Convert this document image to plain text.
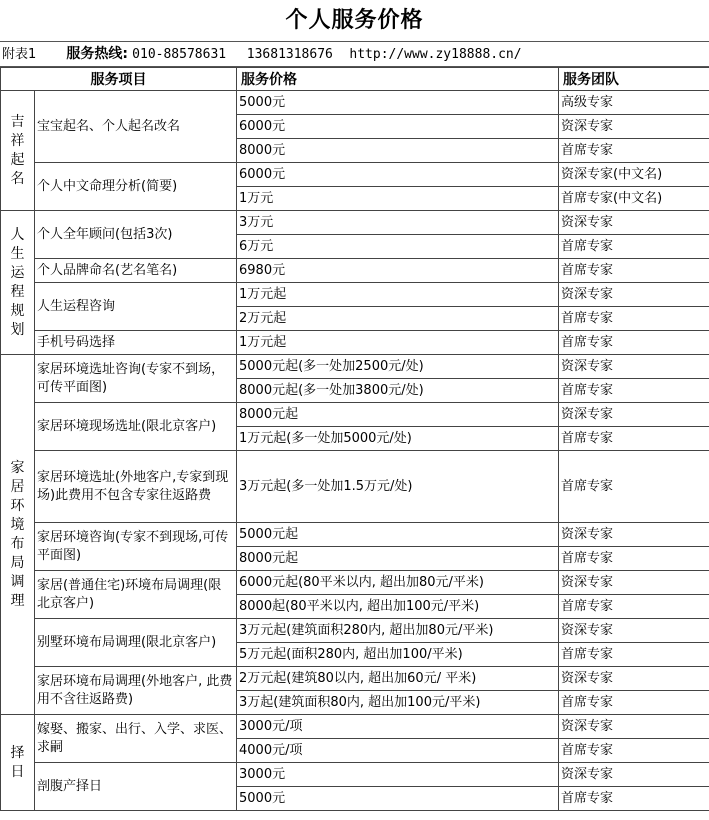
个人服务价格
附表1 服务热线: 010-88578631 13681318676 http://www.zy18888.cn/
服务项目		服务价格	服务团队
吉祥起名	宝宝起名、个人起名改名	5000元	高级专家
		6000元	资深专家
		8000元	首席专家
	个人中文命理分析(简要)	6000元	资深专家(中文名)
		1万元	首席专家(中文名)
人生运程规划	个人全年顾问(包括3次)	3万元	资深专家
		6万元	首席专家
	个人品牌命名(艺名笔名)	6980元	首席专家
	人生运程咨询	1万元起	资深专家
		2万元起	首席专家
	手机号码选择	1万元起	首席专家
家居环境布局调理	家居环境选址咨询(专家不到场，可传平面图)	5000元起(多一处加2500元/处)	资深专家
		8000元起(多一处加3800元/处)	首席专家
	家居环境现场选址(限北京客户)	8000元起	资深专家
		1万元起(多一处加5000元/处)	首席专家
	家居环境选址(外地客户,专家到现场)此费用不包含专家往返路费	3万元起(多一处加1.5万元/处)	首席专家
	家居环境咨询(专家不到现场,可传平面图)	5000元起	资深专家
		8000元起	首席专家
	家居(普通住宅)环境布局调理(限北京客户)	6000元起(80平米以内, 超出加80元/平米)	资深专家
		8000起(80平米以内, 超出加100元/平米)	首席专家
	别墅环境布局调理(限北京客户)	3万元起(建筑面积280内, 超出加80元/平米)	资深专家
		5万元起(面积280内, 超出加100/平米)	首席专家
	家居环境布局调理(外地客户, 此费用不含往返路费)	2万元起(建筑80以内, 超出加60元/ 平米)	资深专家
		3万起(建筑面积80内, 超出加100元/平米)	首席专家
择日	嫁娶、搬家、出行、入学、求医、求嗣	3000元/项	资深专家
		4000元/项	首席专家
	剖腹产择日	3000元	资深专家
		5000元	首席专家
